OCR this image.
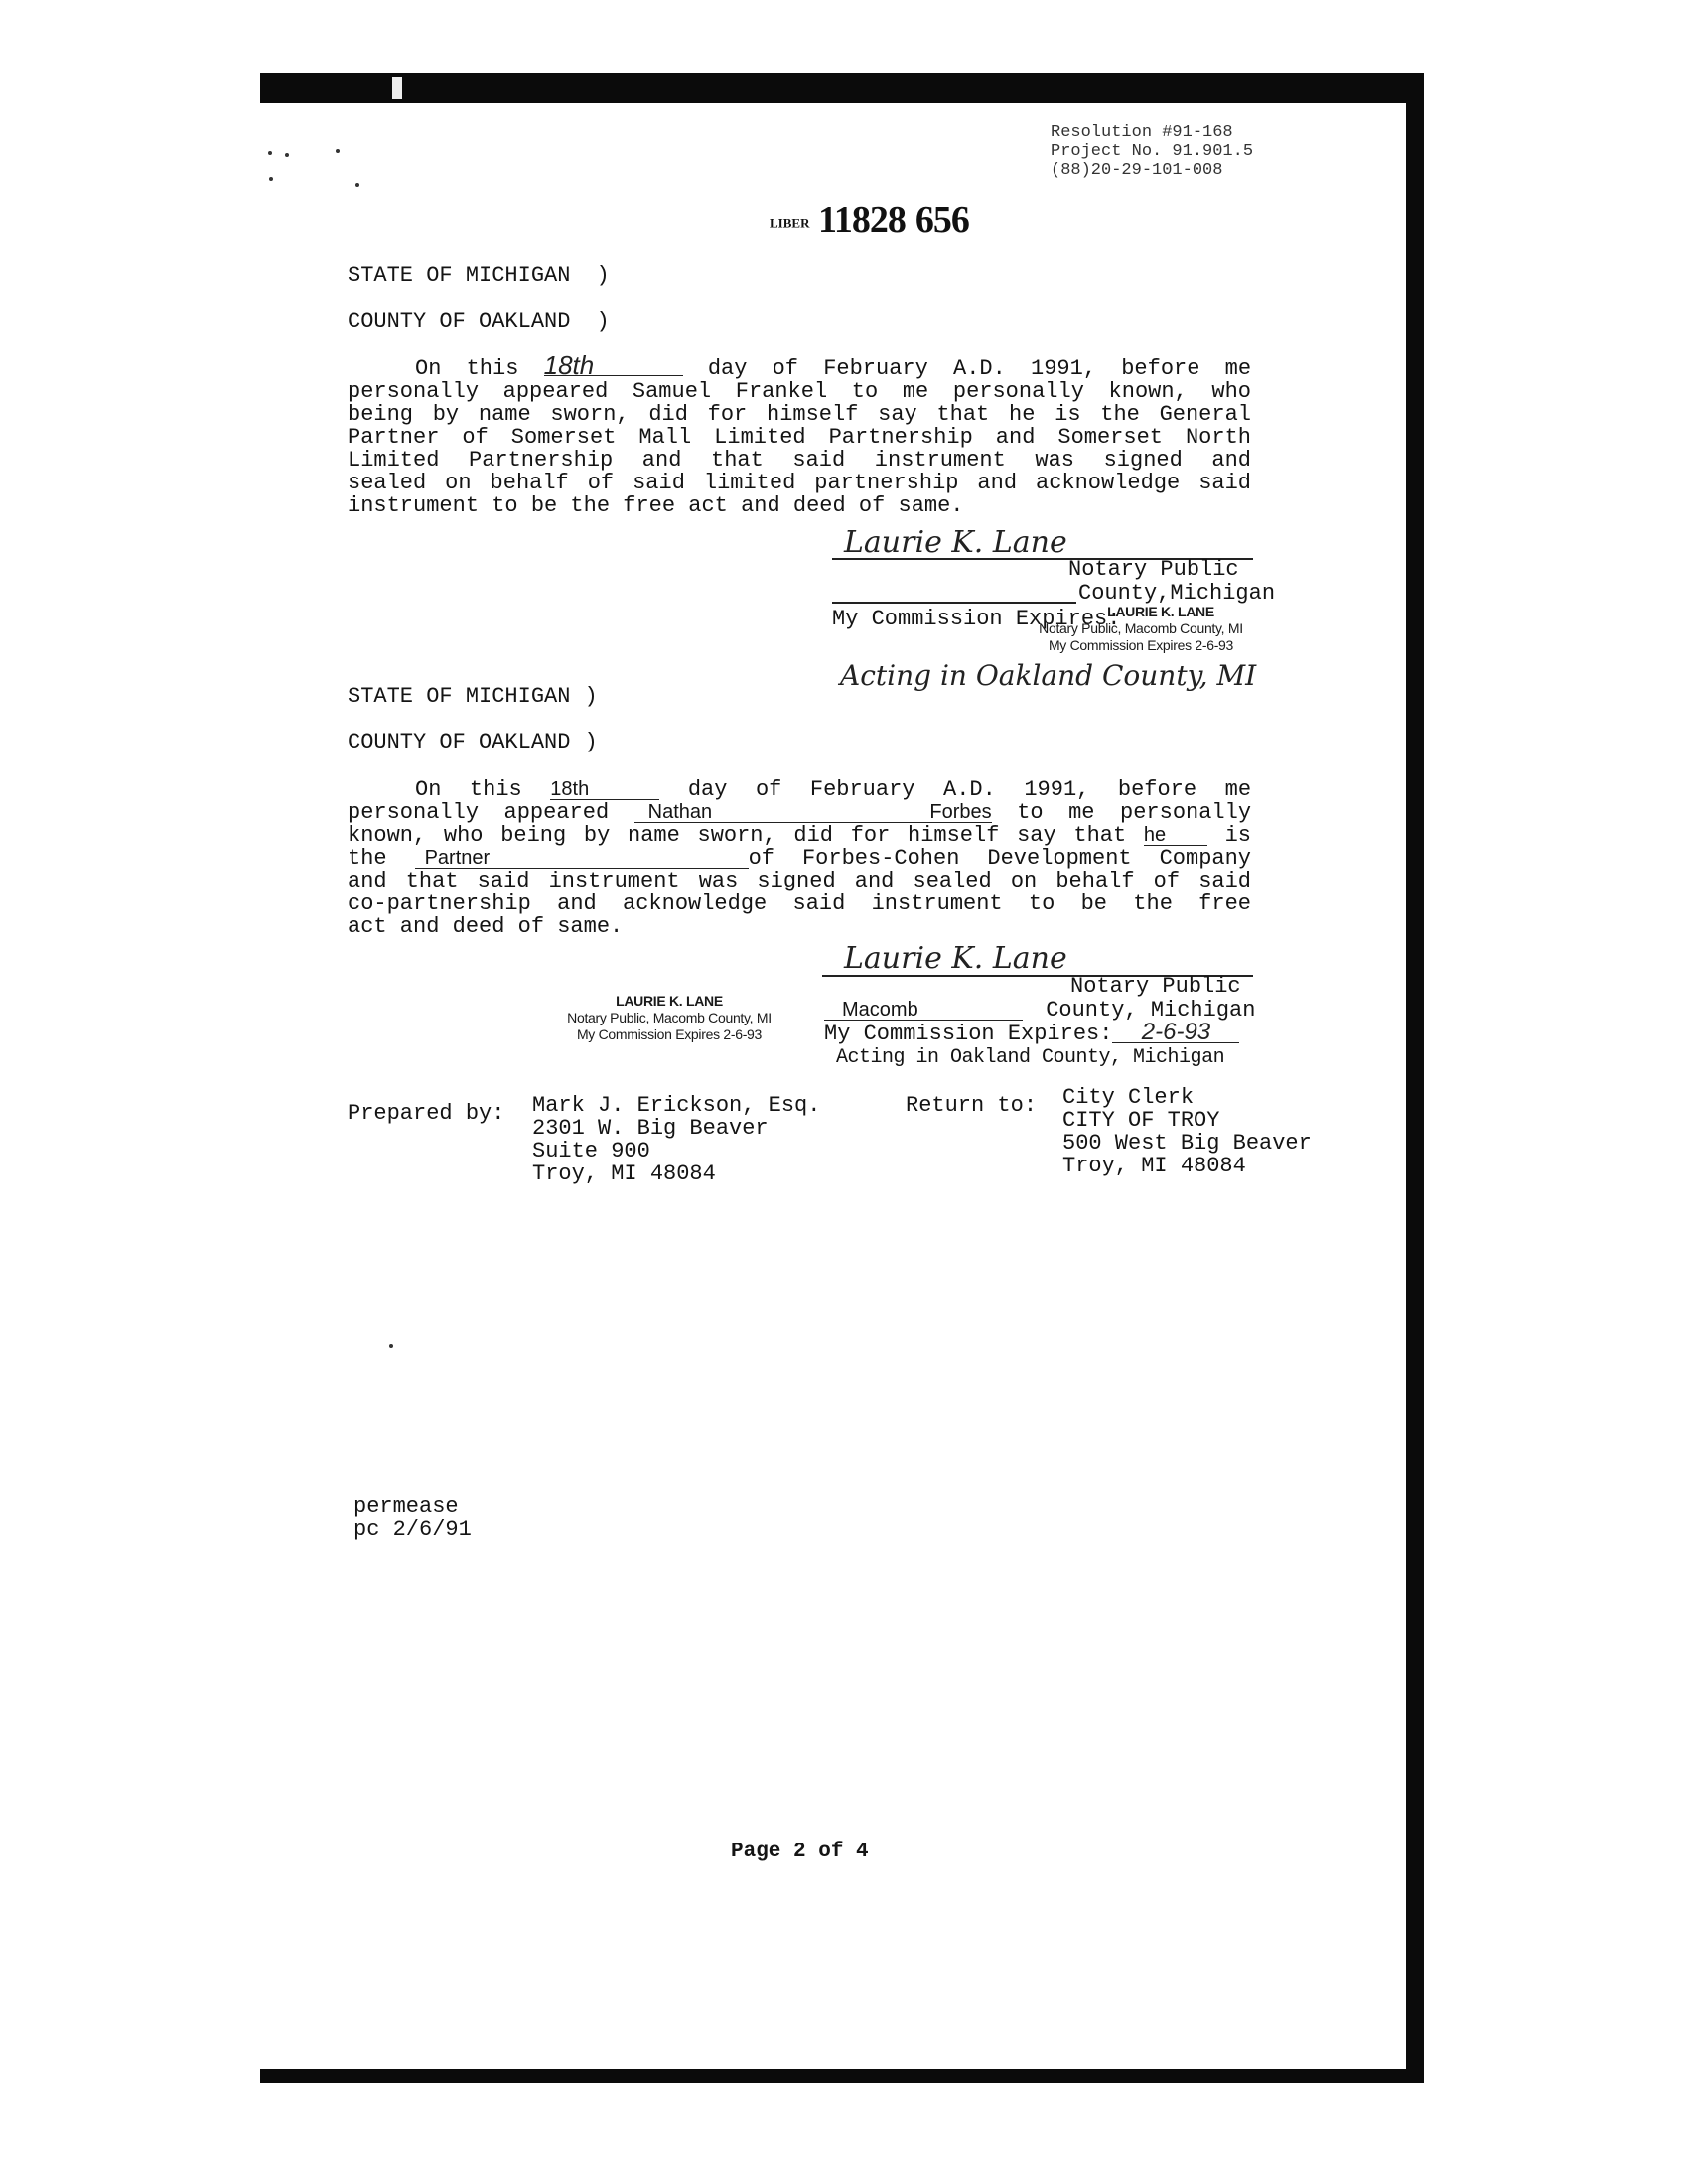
Resolution #91-168
Project No. 91.901.5
(88)20-29-101-008
LIBER 11828 656
STATE OF MICHIGAN )
COUNTY OF OAKLAND )
On this 18th	day of February A.D. 1991, before me
personally appeared Samuel Frankel to me personally known, who
being by name sworn, did for himself say that he is the General
Partner of Somerset Mall Limited Partnership and Somerset North
Limited Partnership and that said instrument was signed and
sealed on behalf of said limited partnership and acknowledge said
instrument to be the free act and deed of same.
Laurie K. Lane
Notary Public
County,Michigan
My Commission Expires:
LAURIE K. LANE
Notary Public, Macomb County, MI
My Commission Expires 2-6-93
Acting in Oakland County, MI
STATE OF MICHIGAN )
COUNTY OF OAKLAND )
On this 18th	day of February A.D. 1991, before me
personally appeared Nathan Forbes to me personally
known, who being by name sworn, did for himself say that he	is
the Partner	of Forbes-Cohen Development Company
and that said instrument was signed and sealed on behalf of said
co-partnership and acknowledge said instrument to be the free
act and deed of same.
Laurie K. Lane
Notary Public
Macomb	County, Michigan
My Commission Expires: 2-6-93
Acting in Oakland County, Michigan
LAURIE K. LANE
Notary Public, Macomb County, MI
My Commission Expires 2-6-93
Prepared by: Mark J. Erickson, Esq.
2301 W. Big Beaver
Suite 900
Troy, MI 48084
Return to: City Clerk
CITY OF TROY
500 West Big Beaver
Troy, MI 48084
permease
pc 2/6/91
Page 2 of 4
